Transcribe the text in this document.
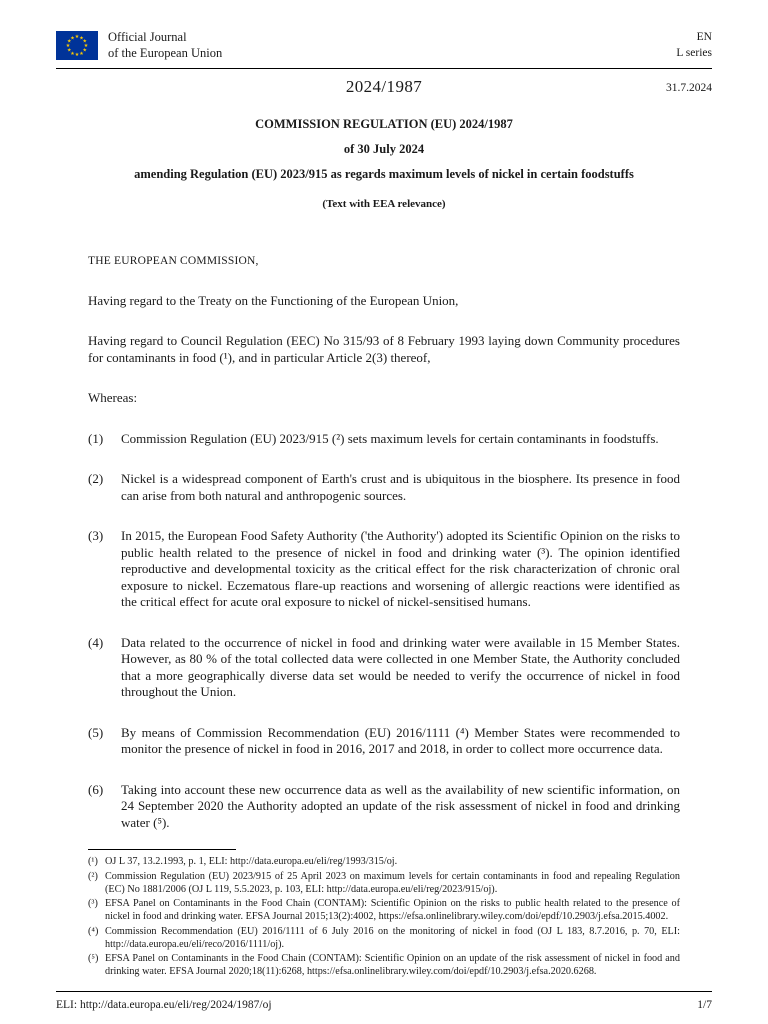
★ ★
★
★
★
★
★
★
★
★
★
★	Official Journal
of the European Union
EN
L series
2024/1987	31.7.2024
COMMISSION REGULATION (EU) 2024/1987
of 30 July 2024
amending Regulation (EU) 2023/915 as regards maximum levels of nickel in certain foodstuffs
(Text with EEA relevance)

THE EUROPEAN COMMISSION,

Having regard to the Treaty on the Functioning of the European Union,

Having regard to Council Regulation (EEC) No 315/93 of 8 February 1993 laying down Community procedures for contaminants in food (¹), and in particular Article 2(3) thereof,

Whereas:

(1)	Commission Regulation (EU) 2023/915 (²) sets maximum levels for certain contaminants in foodstuffs.
(2)	Nickel is a widespread component of Earth's crust and is ubiquitous in the biosphere. Its presence in food can arise from both natural and anthropogenic sources.
(3)	In 2015, the European Food Safety Authority ('the Authority') adopted its Scientific Opinion on the risks to public health related to the presence of nickel in food and drinking water (³). The opinion identified reproductive and developmental toxicity as the critical effect for the risk characterization of chronic oral exposure to nickel. Eczematous flare-up reactions and worsening of allergic reactions were identified as the critical effect for acute oral exposure to nickel of nickel-sensitised humans.
(4)	Data related to the occurrence of nickel in food and drinking water were available in 15 Member States. However, as 80 % of the total collected data were collected in one Member State, the Authority concluded that a more geographically diverse data set would be needed to verify the occurrence of nickel in food throughout the Union.
(5)	By means of Commission Recommendation (EU) 2016/1111 (⁴) Member States were recommended to monitor the presence of nickel in food in 2016, 2017 and 2018, in order to collect more occurrence data.
(6)	Taking into account these new occurrence data as well as the availability of new scientific information, on 24 September 2020 the Authority adopted an update of the risk assessment of nickel in food and drinking water (⁵).
(¹) OJ L 37, 13.2.1993, p. 1, ELI: http://data.europa.eu/eli/reg/1993/315/oj.
(²) Commission Regulation (EU) 2023/915 of 25 April 2023 on maximum levels for certain contaminants in food and repealing Regulation (EC) No 1881/2006 (OJ L 119, 5.5.2023, p. 103, ELI: http://data.europa.eu/eli/reg/2023/915/oj).
(³) EFSA Panel on Contaminants in the Food Chain (CONTAM): Scientific Opinion on the risks to public health related to the presence of nickel in food and drinking water. EFSA Journal 2015;13(2):4002, https://efsa.onlinelibrary.wiley.com/doi/epdf/10.2903/j.efsa.2015.4002.
(⁴) Commission Recommendation (EU) 2016/1111 of 6 July 2016 on the monitoring of nickel in food (OJ L 183, 8.7.2016, p. 70, ELI: http://data.europa.eu/eli/reco/2016/1111/oj).
(⁵) EFSA Panel on Contaminants in the Food Chain (CONTAM): Scientific Opinion on an update of the risk assessment of nickel in food and drinking water. EFSA Journal 2020;18(11):6268, https://efsa.onlinelibrary.wiley.com/doi/epdf/10.2903/j.efsa.2020.6268.
ELI: http://data.europa.eu/eli/reg/2024/1987/oj	1/7
